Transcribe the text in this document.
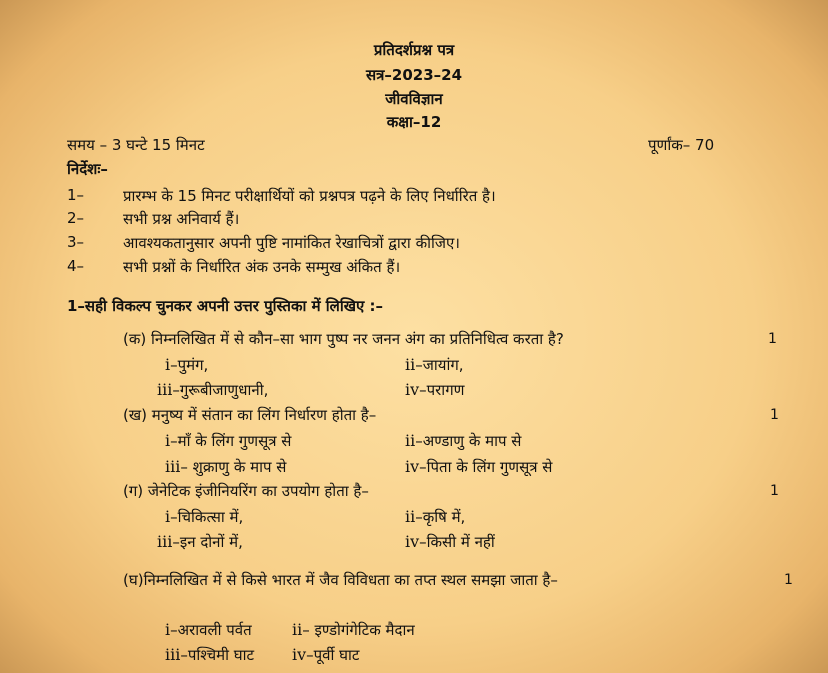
प्रतिदर्शप्रश्न पत्र
सत्र–2023–24
जीवविज्ञान
कक्षा–12
समय – 3 घन्टे 15 मिनट	पूर्णांक– 70
निर्देशः–
1–	प्रारम्भ के 15 मिनट परीक्षार्थियों को प्रश्नपत्र पढ़ने के लिए निर्धारित है।
2–	सभी प्रश्न अनिवार्य हैं।
3–	आवश्यकतानुसार अपनी पुष्टि नामांकित रेखाचित्रों द्वारा कीजिए।
4–	सभी प्रश्नों के निर्धारित अंक उनके सम्मुख अंकित हैं।
1–सही विकल्प चुनकर अपनी उत्तर पुस्तिका में लिखिए :–
(क) निम्नलिखित में से कौन–सा भाग पुष्प नर जनन अंग का प्रतिनिधित्व करता है?	1
i–पुमंग,	ii–जायांग,
iii–गुरूबीजाणुधानी,	iv–परागण
(ख) मनुष्य में संतान का लिंग निर्धारण होता है–	1
i–माँ के लिंग गुणसूत्र से	ii–अण्डाणु के माप से
iii– शुक्राणु के माप से	iv–पिता के लिंग गुणसूत्र से
(ग) जेनेटिक इंजीनियरिंग का उपयोग होता है–	1
i–चिकित्सा में,	ii–कृषि में,
iii–इन दोनों में,	iv–किसी में नहीं
(घ)निम्नलिखित में से किसे भारत में जैव विविधता का तप्त स्थल समझा जाता है–	1
i–अरावली पर्वत	ii– इण्डोगंगेटिक मैदान
iii–पश्चिमी घाट iv–पूर्वी घाट
